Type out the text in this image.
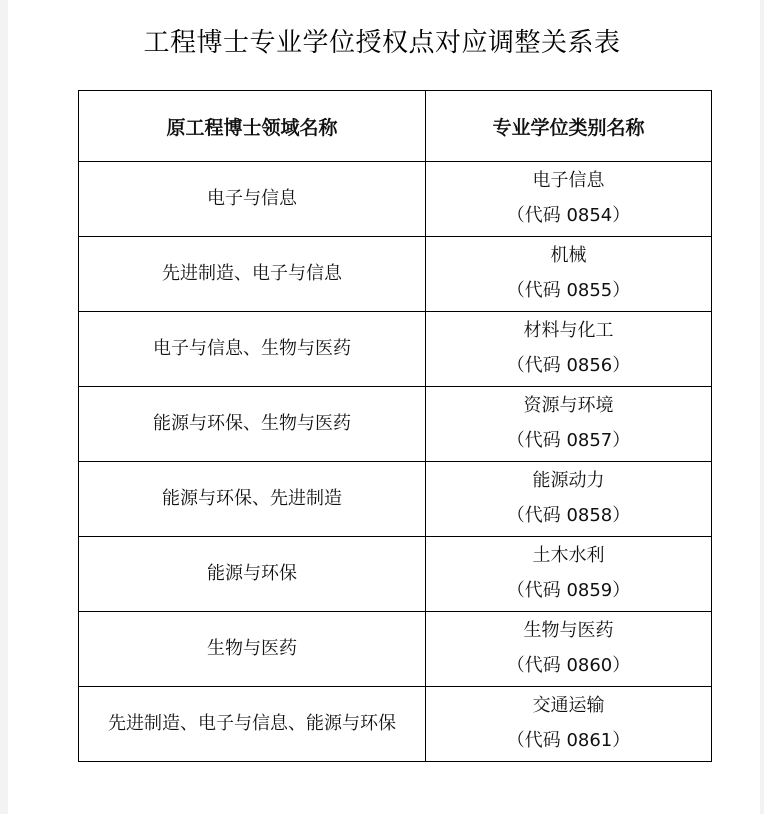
工程博士专业学位授权点对应调整关系表
原工程博士领域名称	专业学位类别名称
电子与信息	电子信息
（代码 0854）

先进制造、电子与信息	机械
（代码 0855）

电子与信息、生物与医药	材料与化工
（代码 0856）

能源与环保、生物与医药	资源与环境
（代码 0857）

能源与环保、先进制造	能源动力
（代码 0858）

能源与环保	土木水利
（代码 0859）

生物与医药	生物与医药
（代码 0860）

先进制造、电子与信息、能源与环保	交通运输
（代码 0861）
